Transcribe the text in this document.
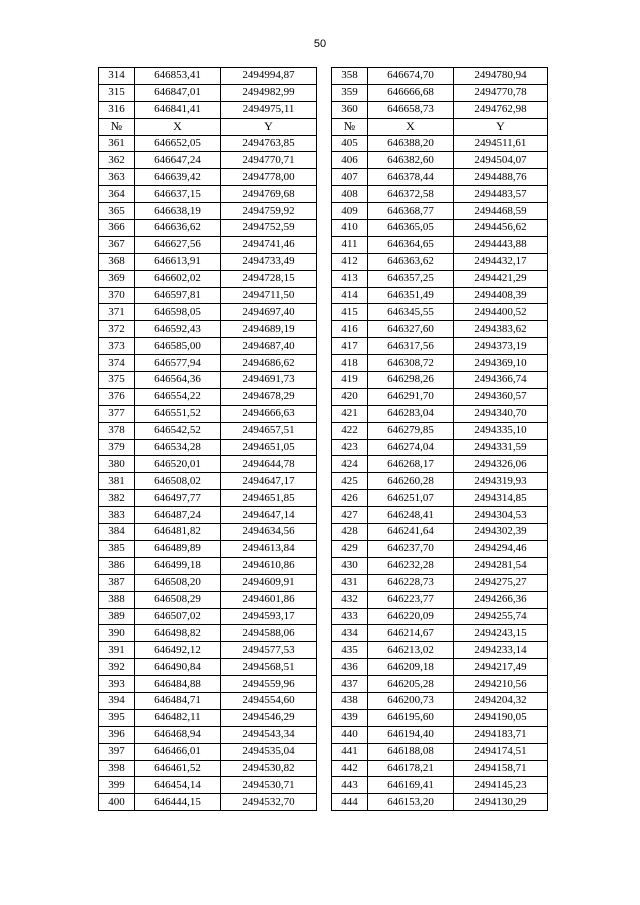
50
314	646853,41	2494994,87
315	646847,01	2494982,99
316	646841,41	2494975,11
№	X	Y
361	646652,05	2494763,85
362	646647,24	2494770,71
363	646639,42	2494778,00
364	646637,15	2494769,68
365	646638,19	2494759,92
366	646636,62	2494752,59
367	646627,56	2494741,46
368	646613,91	2494733,49
369	646602,02	2494728,15
370	646597,81	2494711,50
371	646598,05	2494697,40
372	646592,43	2494689,19
373	646585,00	2494687,40
374	646577,94	2494686,62
375	646564,36	2494691,73
376	646554,22	2494678,29
377	646551,52	2494666,63
378	646542,52	2494657,51
379	646534,28	2494651,05
380	646520,01	2494644,78
381	646508,02	2494647,17
382	646497,77	2494651,85
383	646487,24	2494647,14
384	646481,82	2494634,56
385	646489,89	2494613,84
386	646499,18	2494610,86
387	646508,20	2494609,91
388	646508,29	2494601,86
389	646507,02	2494593,17
390	646498,82	2494588,06
391	646492,12	2494577,53
392	646490,84	2494568,51
393	646484,88	2494559,96
394	646484,71	2494554,60
395	646482,11	2494546,29
396	646468,94	2494543,34
397	646466,01	2494535,04
398	646461,52	2494530,82
399	646454,14	2494530,71
400	646444,15	2494532,70
358	646674,70	2494780,94
359	646666,68	2494770,78
360	646658,73	2494762,98
№	X	Y
405	646388,20	2494511,61
406	646382,60	2494504,07
407	646378,44	2494488,76
408	646372,58	2494483,57
409	646368,77	2494468,59
410	646365,05	2494456,62
411	646364,65	2494443,88
412	646363,62	2494432,17
413	646357,25	2494421,29
414	646351,49	2494408,39
415	646345,55	2494400,52
416	646327,60	2494383,62
417	646317,56	2494373,19
418	646308,72	2494369,10
419	646298,26	2494366,74
420	646291,70	2494360,57
421	646283,04	2494340,70
422	646279,85	2494335,10
423	646274,04	2494331,59
424	646268,17	2494326,06
425	646260,28	2494319,93
426	646251,07	2494314,85
427	646248,41	2494304,53
428	646241,64	2494302,39
429	646237,70	2494294,46
430	646232,28	2494281,54
431	646228,73	2494275,27
432	646223,77	2494266,36
433	646220,09	2494255,74
434	646214,67	2494243,15
435	646213,02	2494233,14
436	646209,18	2494217,49
437	646205,28	2494210,56
438	646200,73	2494204,32
439	646195,60	2494190,05
440	646194,40	2494183,71
441	646188,08	2494174,51
442	646178,21	2494158,71
443	646169,41	2494145,23
444	646153,20	2494130,29
